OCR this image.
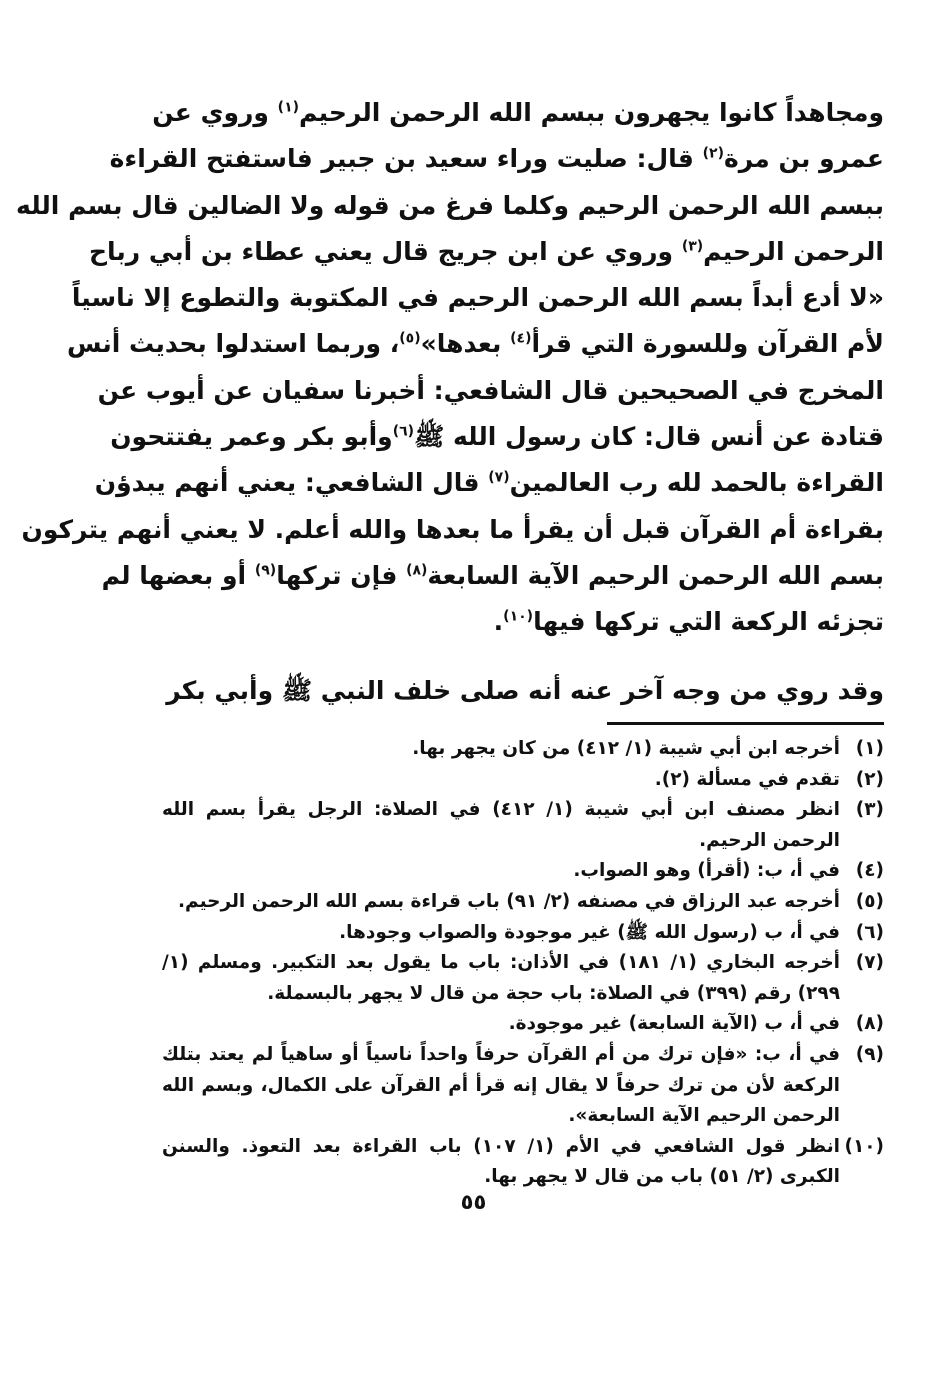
ومجاهداً كانوا يجهرون ببسم الله الرحمن الرحيم$^{(١)}$ وروي عن
عمرو بن مرة$^{(٢)}$ قال: صليت وراء سعيد بن جبير فاستفتح القراءة
ببسم الله الرحمن الرحيم وكلما فرغ من قوله ولا الضالين قال بسم الله
الرحمن الرحيم$^{(٣)}$ وروي عن ابن جريج قال يعني عطاء بن أبي رباح
«لا أدع أبداً بسم الله الرحمن الرحيم في المكتوبة والتطوع إلا ناسياً
لأم القرآن وللسورة التي قرأ$^{(٤)}$ بعدها»$^{(٥)}$، وربما استدلوا بحديث أنس
المخرج في الصحيحين قال الشافعي: أخبرنا سفيان عن أيوب عن
قتادة عن أنس قال: كان رسول الله ﷺ$^{(٦)}$وأبو بكر وعمر يفتتحون
القراءة بالحمد لله رب العالمين$^{(٧)}$ قال الشافعي: يعني أنهم يبدؤن
بقراءة أم القرآن قبل أن يقرأ ما بعدها والله أعلم. لا يعني أنهم يتركون
بسم الله الرحمن الرحيم الآية السابعة$^{(٨)}$ فإن تركها$^{(٩)}$ أو بعضها لم
تجزئه الركعة التي تركها فيها$^{(١٠)}$.
وقد روي من وجه آخر عنه أنه صلى خلف النبي ﷺ وأبي بكر
(١)
أخرجه ابن أبي شيبة (١/ ٤١٢) من كان يجهر بها.
(٢)
تقدم في مسألة (٢).
(٣)
انظر مصنف ابن أبي شيبة (١/ ٤١٢) في الصلاة: الرجل يقرأ بسم الله الرحمن الرحيم.
(٤)
في أ، ب: (أقرأ) وهو الصواب.
(٥)
أخرجه عبد الرزاق في مصنفه (٢/ ٩١) باب قراءة بسم الله الرحمن الرحيم.
(٦)
في أ، ب (رسول الله ﷺ) غير موجودة والصواب وجودها.
(٧)
أخرجه البخاري (١/ ١٨١) في الأذان: باب ما يقول بعد التكبير. ومسلم (١/ ٢٩٩) رقم (٣٩٩) في الصلاة: باب حجة من قال لا يجهر بالبسملة.
(٨)
في أ، ب (الآية السابعة) غير موجودة.
(٩)
في أ، ب: «فإن ترك من أم القرآن حرفاً واحداً ناسياً أو ساهياً لم يعتد بتلك الركعة لأن من ترك حرفاً لا يقال إنه قرأ أم القرآن على الكمال، وبسم الله الرحمن الرحيم الآية السابعة».
(١٠)
انظر قول الشافعي في الأم (١/ ١٠٧) باب القراءة بعد التعوذ. والسنن الكبرى (٢/ ٥١) باب من قال لا يجهر بها.
٥٥
